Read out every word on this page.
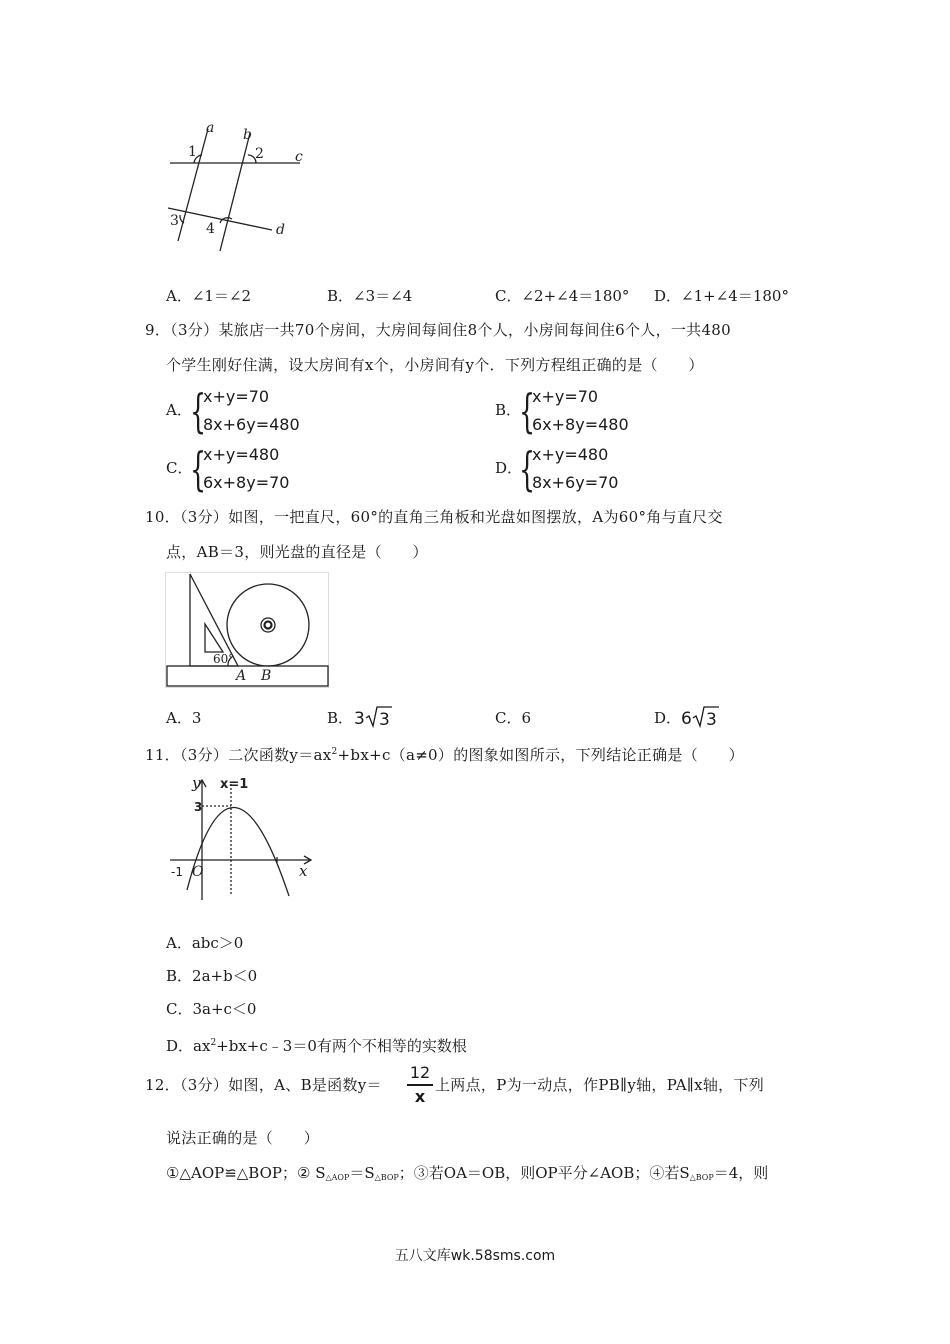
a b
c
d
1	2
3 4
A．∠1＝∠2	B．∠3＝∠4	C．∠2+∠4＝180° D．∠1+∠4＝180°
9．（3分）某旅店一共70个房间，大房间每间住8个人，小房间每间住6个人，一共480
个学生刚好住满，设大房间有x个，小房间有y个．下列方程组正确的是（　　）
A．
{
x+y=70
8x+6y=480
B．
{
x+y=70
6x+8y=480
C．
{
x+y=480
6x+8y=70
D．
{
x+y=480
8x+6y=70
10．（3分）如图，一把直尺，60°的直角三角板和光盘如图摆放，A为60°角与直尺交
点，AB＝3，则光盘的直径是（　　）
60°
A B
A．3	B． 3 3	C．6	D． 6 3
11．（3分）二次函数$y=ax^2+bx+c(a\ne 0)$的图象如图所示，下列结论正确是（　　）
y x=1
3
-1 O	x
A．abc＞0
B．2a+b＜0
C．3a+c＜0
D．$ax^2+bx+c﹣3=0$有两个不相等的实数根
12．（3分）如图，A、B是函数y＝
12
x
上两点，P为一动点，作PB∥y轴，PA∥x轴，下列
说法正确的是（　　）
①△AOP≌△BOP；② $S_{\triangle AOP}=S_{\triangle BOP}$；③若OA＝OB，则OP平分∠AOB；④若$S_{\triangle BOP}=4$，则
五八文库wk.58sms.com
